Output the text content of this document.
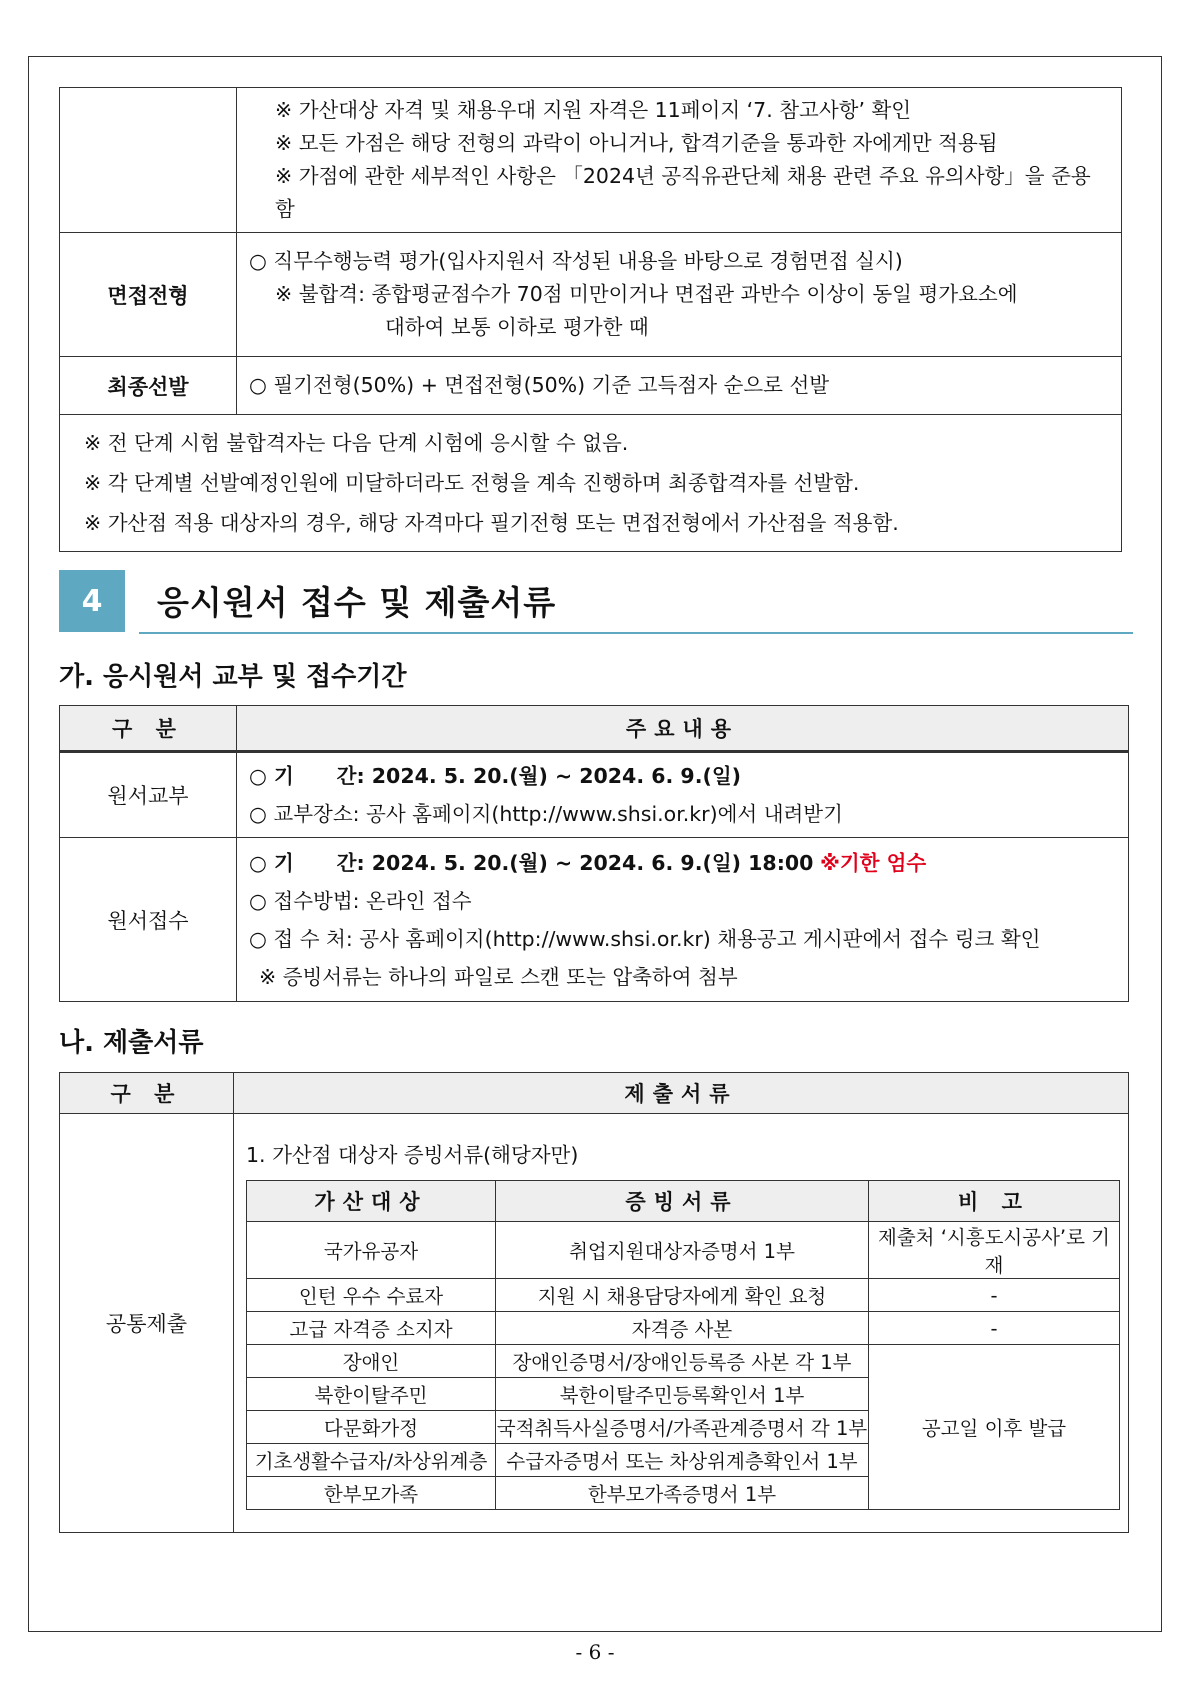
	※ 가산대상 자격 및 채용우대 지원 자격은 11페이지 ‘7. 참고사항’ 확인
※ 모든 가점은 해당 전형의 과락이 아니거나, 합격기준을 통과한 자에게만 적용됨
※ 가점에 관한 세부적인 사항은 「2024년 공직유관단체 채용 관련 주요 유의사항」을 준용함

면접전형	○ 직무수행능력 평가(입사지원서 작성된 내용을 바탕으로 경험면접 실시)
※ 불합격: 종합평균점수가 70점 미만이거나 면접관 과반수 이상이 동일 평가요소에
대하여 보통 이하로 평가한 때

최종선발	○ 필기전형(50%) + 면접전형(50%) 기준 고득점자 순으로 선발

※ 전 단계 시험 불합격자는 다음 단계 시험에 응시할 수 없음.
※ 각 단계별 선발예정인원에 미달하더라도 전형을 계속 진행하며 최종합격자를 선발함.
※ 가산점 적용 대상자의 경우, 해당 자격마다 필기전형 또는 면접전형에서 가산점을 적용함.	
4	응시원서 접수 및 제출서류
가. 응시원서 교부 및 접수기간
구 분	주요내용
원서교부	○ 기      간: 2024. 5. 20.(월) ~ 2024. 6. 9.(일)
○ 교부장소: 공사 홈페이지(http://www.shsi.or.kr)에서 내려받기

원서접수	○ 기      간: 2024. 5. 20.(월) ~ 2024. 6. 9.(일) 18:00 ※기한 엄수
○ 접수방법: 온라인 접수
○ 접 수 처: 공사 홈페이지(http://www.shsi.or.kr) 채용공고 게시판에서 접수 링크 확인
※ 증빙서류는 하나의 파일로 스캔 또는 압축하여 첨부
나. 제출서류
구 분	제출서류
공통제출	
1. 가산점 대상자 증빙서류(해당자만)
가산대상	증빙서류	비 고
국가유공자	취업지원대상자증명서 1부	제출처 ‘시흥도시공사’로 기재
인턴 우수 수료자	지원 시 채용담당자에게 확인 요청	-
고급 자격증 소지자	자격증 사본	-
장애인	장애인증명서/장애인등록증 사본 각 1부	공고일 이후 발급
북한이탈주민	북한이탈주민등록확인서 1부
다문화가정	국적취득사실증명서/가족관계증명서 각 1부
기초생활수급자/차상위계층	수급자증명서 또는 차상위계층확인서 1부
한부모가족	한부모가족증명서 1부
- 6 -
